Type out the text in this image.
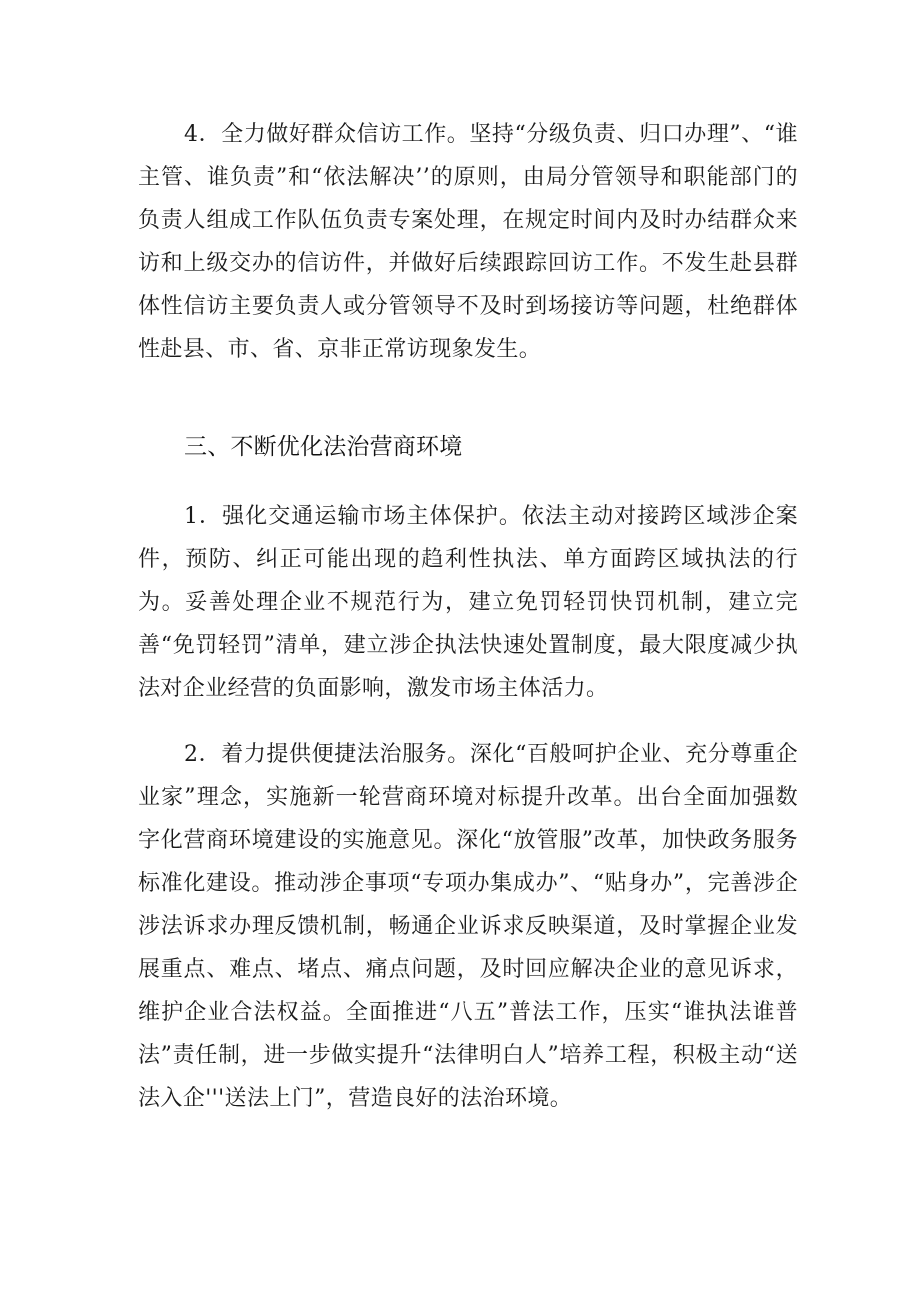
4．全力做好群众信访工作。坚持“分级负责、归口办理”、“谁主管、谁负责”和“依法解决’’的原则，由局分管领导和职能部门的负责人组成工作队伍负责专案处理，在规定时间内及时办结群众来访和上级交办的信访件，并做好后续跟踪回访工作。不发生赴县群体性信访主要负责人或分管领导不及时到场接访等问题，杜绝群体性赴县、市、省、京非正常访现象发生。

三、不断优化法治营商环境

1．强化交通运输市场主体保护。依法主动对接跨区域涉企案件，预防、纠正可能出现的趋利性执法、单方面跨区域执法的行为。妥善处理企业不规范行为，建立免罚轻罚快罚机制，建立完善“免罚轻罚”清单，建立涉企执法快速处置制度，最大限度减少执法对企业经营的负面影响，激发市场主体活力。

2．着力提供便捷法治服务。深化“百般呵护企业、充分尊重企业家”理念，实施新一轮营商环境对标提升改革。出台全面加强数字化营商环境建设的实施意见。深化“放管服”改革，加快政务服务标准化建设。推动涉企事项“专项办集成办”、“贴身办”，完善涉企涉法诉求办理反馈机制，畅通企业诉求反映渠道，及时掌握企业发展重点、难点、堵点、痛点问题，及时回应解决企业的意见诉求，维护企业合法权益。全面推进“八五”普法工作，压实“谁执法谁普法”责任制，进一步做实提升“法律明白人”培养工程，积极主动“送法入企'''送法上门”，营造良好的法治环境。
